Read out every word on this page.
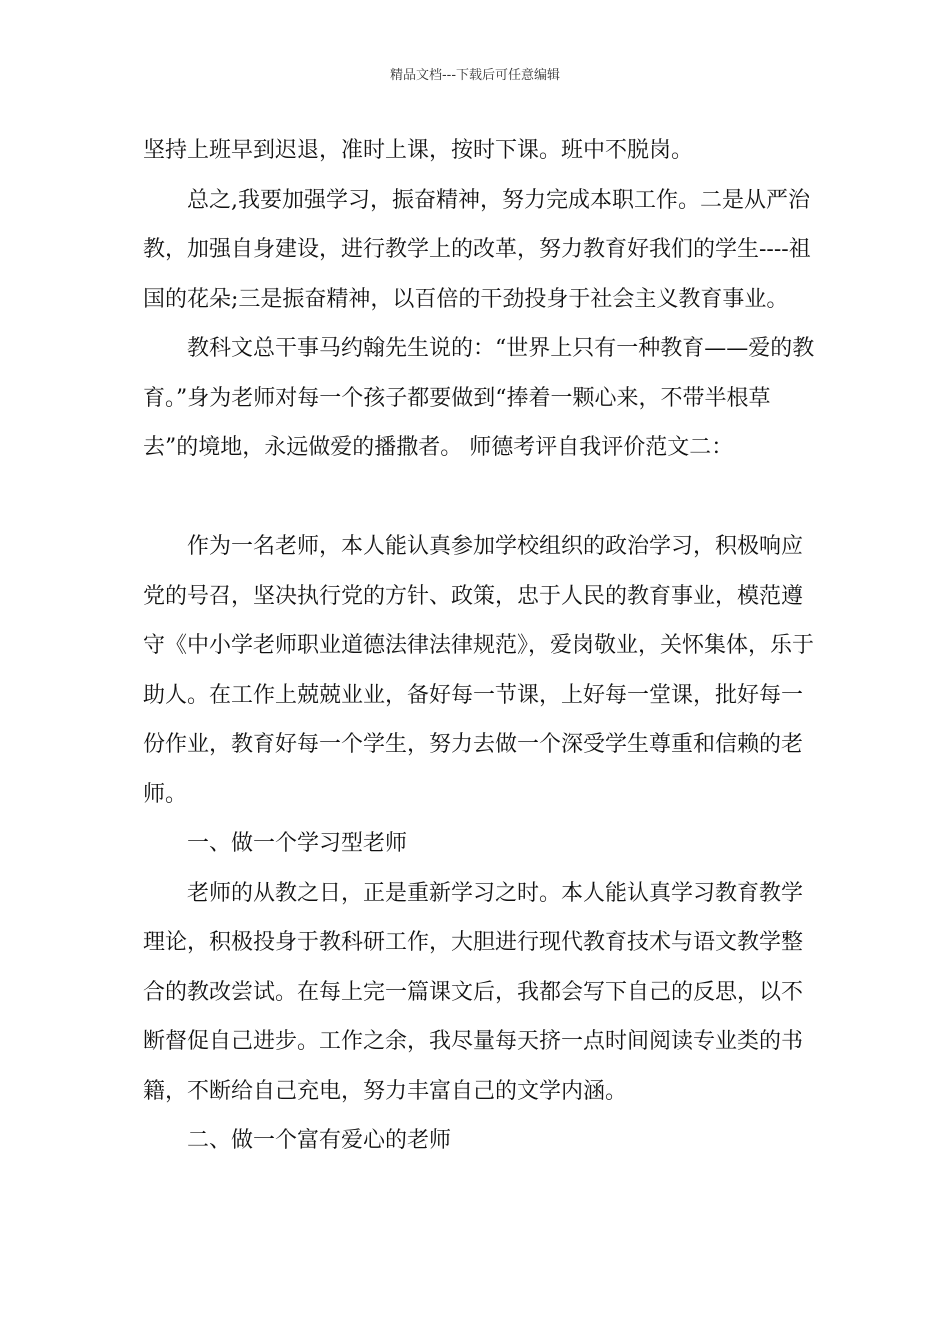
精品文档---下载后可任意编辑

坚持上班早到迟退，准时上课，按时下课。班中不脱岗。

总之,我要加强学习，振奋精神，努力完成本职工作。二是从严治教，加强自身建设，进行教学上的改革，努力教育好我们的学生----祖国的花朵;三是振奋精神，以百倍的干劲投身于社会主义教育事业。

教科文总干事马约翰先生说的：“世界上只有一种教育——爱的教育。”身为老师对每一个孩子都要做到“捧着一颗心来，不带半根草去”的境地，永远做爱的播撒者。 师德考评自我评价范文二：

作为一名老师，本人能认真参加学校组织的政治学习，积极响应党的号召，坚决执行党的方针、政策，忠于人民的教育事业，模范遵守《中小学老师职业道德法律法律规范》，爱岗敬业，关怀集体，乐于助人。在工作上兢兢业业，备好每一节课，上好每一堂课，批好每一份作业，教育好每一个学生，努力去做一个深受学生尊重和信赖的老师。

一、做一个学习型老师

老师的从教之日，正是重新学习之时。本人能认真学习教育教学理论，积极投身于教科研工作，大胆进行现代教育技术与语文教学整合的教改尝试。在每上完一篇课文后，我都会写下自己的反思，以不断督促自己进步。工作之余，我尽量每天挤一点时间阅读专业类的书籍，不断给自己充电，努力丰富自己的文学内涵。

二、做一个富有爱心的老师
